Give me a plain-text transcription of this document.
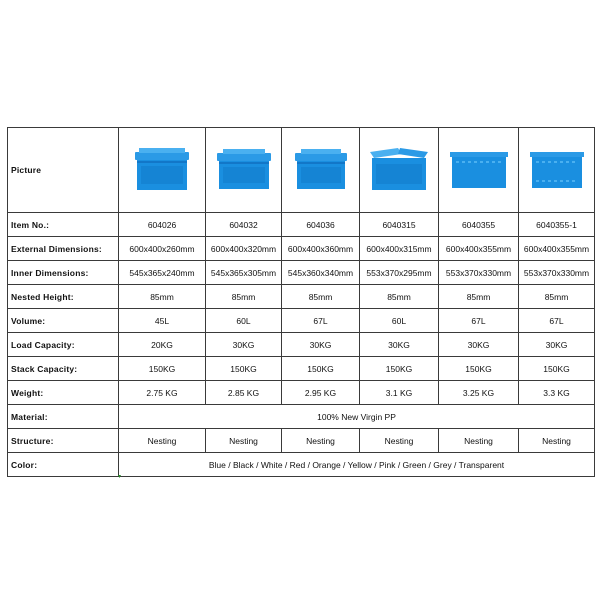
Picture	

Item No.:	604026	604032	604036	6040315	6040355	6040355-1
External Dimensions:	600x400x260mm	600x400x320mm	600x400x360mm	600x400x315mm	600x400x355mm	600x400x355mm
Inner Dimensions:	545x365x240mm	545x365x305mm	545x360x340mm	553x370x295mm	553x370x330mm	553x370x330mm
Nested Height:	85mm	85mm	85mm	85mm	85mm	85mm
Volume:	45L	60L	67L	60L	67L	67L
Load Capacity:	20KG	30KG	30KG	30KG	30KG	30KG
Stack Capacity:	150KG	150KG	150KG	150KG	150KG	150KG
Weight:	2.75 KG	2.85 KG	2.95 KG	3.1 KG	3.25 KG	3.3 KG
Material:	100% New Virgin PP					
Structure:	Nesting	Nesting	Nesting	Nesting	Nesting	Nesting
Color:	Blue / Black / White / Red / Orange / Yellow / Pink / Green / Grey / Transparent					
▾
